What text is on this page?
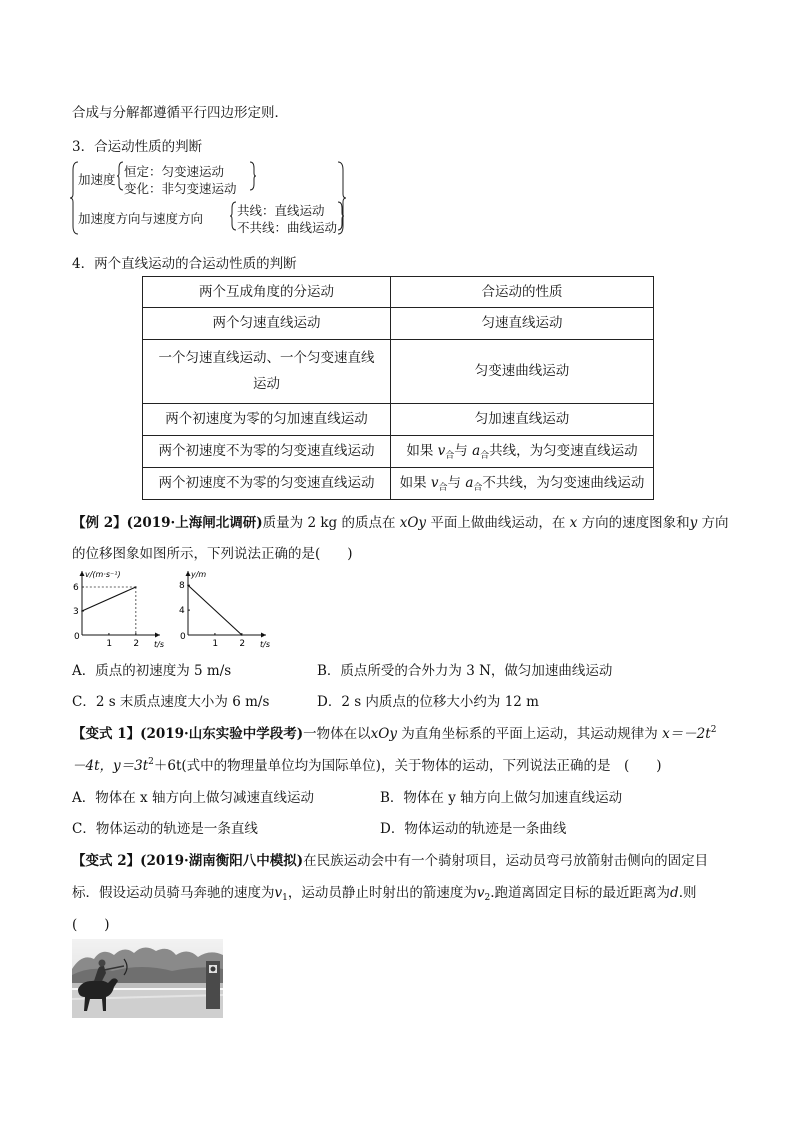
合成与分解都遵循平行四边形定则．
3．合运动性质的判断
加速度
恒定：匀变速运动
变化：非匀变速运动
加速度方向与速度方向
共线：直线运动
不共线：曲线运动
4．两个直线运动的合运动性质的判断
两个互成角度的分运动	合运动的性质
两个匀速直线运动	匀速直线运动
一个匀速直线运动、一个匀变速直线
运动	匀变速曲线运动
两个初速度为零的匀加速直线运动	匀加速直线运动
两个初速度不为零的匀变速直线运动	如果 $v_合$与 $a_合$共线，为匀变速直线运动
两个初速度不为零的匀变速直线运动	如果 $v_合$与 $a_合$不共线，为匀变速曲线运动
【例 2】(2019·上海闸北调研)质量为 2 kg 的质点在 xOy 平面上做曲线运动，在 x 方向的速度图象和y 方向
的位移图象如图所示，下列说法正确的是(　　)
0
v/(m·s⁻¹)
t/s
1 2
3
6
0
y/m
t/s
1 2
4
8
A．质点的初速度为 5 m/s	B．质点所受的合外力为 3 N，做匀加速曲线运动
C．2 s 末质点速度大小为 6 m/s	D．2 s 内质点的位移大小约为 12 m
【变式 1】(2019·山东实验中学段考)一物体在以xOy 为直角坐标系的平面上运动，其运动规律为 $x=-2t^2$
－4t，$y=3t^2+6t$(式中的物理量单位均为国际单位)，关于物体的运动，下列说法正确的是　(　　)
A．物体在 x 轴方向上做匀减速直线运动	B．物体在 y 轴方向上做匀加速直线运动
C．物体运动的轨迹是一条直线	D．物体运动的轨迹是一条曲线
【变式 2】(2019·湖南衡阳八中模拟)在民族运动会中有一个骑射项目，运动员弯弓放箭射击侧向的固定目
标．假设运动员骑马奔驰的速度为$v_1$，运动员静止时射出的箭速度为$v_2$.跑道离固定目标的最近距离为d.则
(　　)
